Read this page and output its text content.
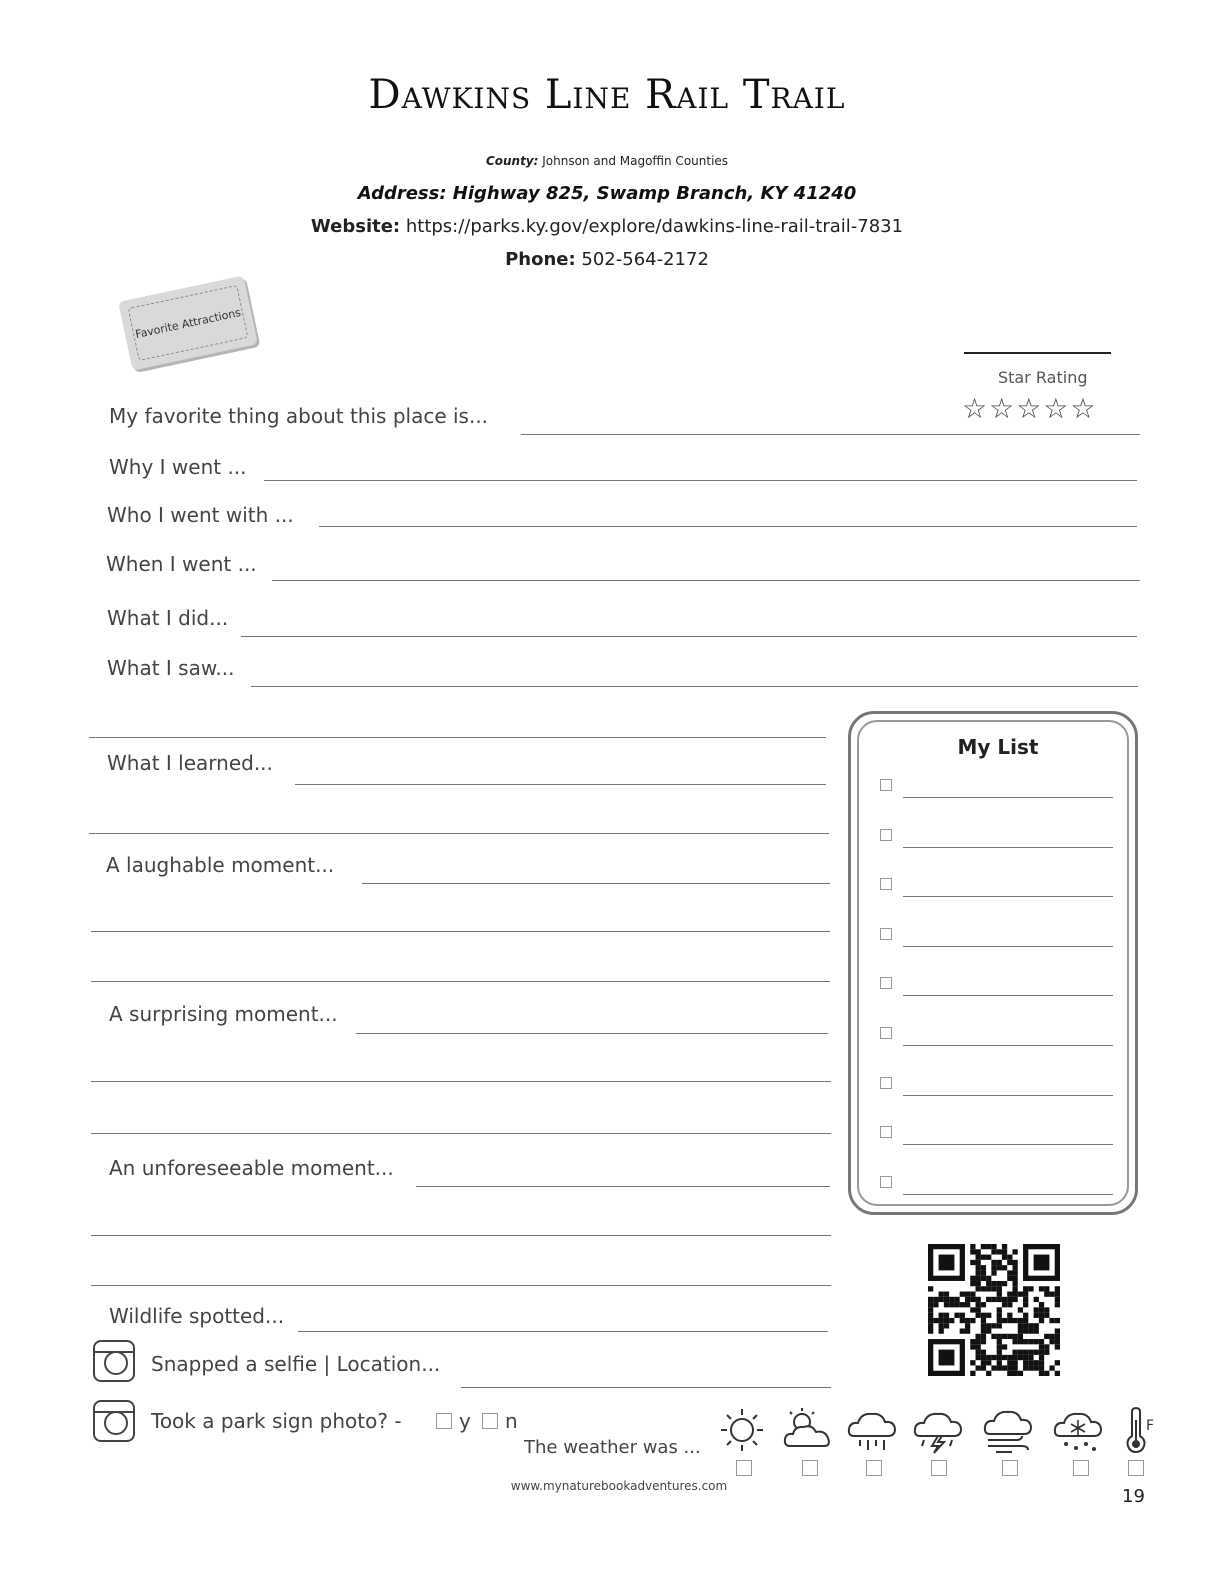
Dawkins Line Rail Trail
County: Johnson and Magoffin Counties
Address: Highway 825, Swamp Branch, KY 41240
Website: https://parks.ky.gov/explore/dawkins-line-rail-trail-7831
Phone: 502-564-2172
Favorite Attractions
Star Rating
☆☆☆☆☆
My favorite thing about this place is...
Why I went ...
Who I went with ...
When I went ...
What I did...
What I saw...
What I learned...
A laughable moment...
A surprising moment...
An unforeseeable moment...
Wildlife spotted...
Snapped a selfie | Location...
Took a park sign photo? -	y n
The weather was ...
My List
F
www.mynaturebookadventures.com	19
